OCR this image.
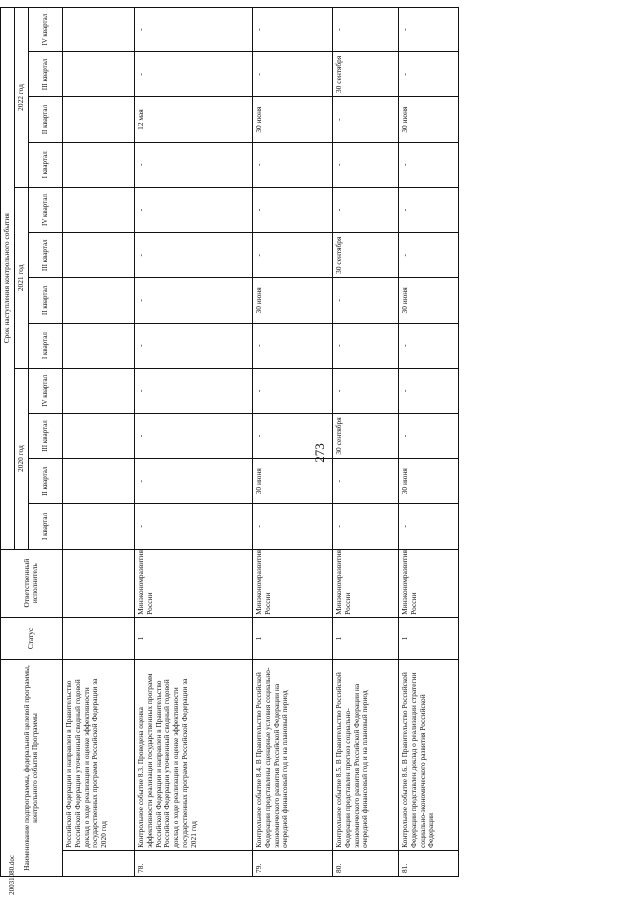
273
20031080.doc
Наименование подпрограммы, федеральной целевой программы, контрольного события Программы		Статус	Ответственный исполнитель	Срок наступления контрольного события											
				2020 год				2021 год				2022 год			
				I квартал	II квартал	III квартал	IV квартал	I квартал	II квартал	III квартал	IV квартал	I квартал	II квартал	III квартал	IV квартал
	Российской Федерации и направлен в Правительство Российской Федерации уточненный сводный годовой доклад о ходе реализации и оценке эффективности государственных программ Российской Федерации за 2020 год														
78.	Контрольное событие 8.3. Проведена оценка эффективности реализации государственных программ Российской Федерации и направлен в Правительство Российской Федерации уточненный сводный годовой доклад о ходе реализации и оценке эффективности государственных программ Российской Федерации за 2021 год	1	Минэкономразвития России	-	-	-	-	-	-	-	-	-	12 мая	-	-
79.	Контрольное событие 8.4. В Правительство Российской Федерации представлены сценарные условия социально-экономического развития Российской Федерации на очередной финансовый год и на плановый период	1	Минэкономразвития России	-	30 июня	-	-	-	30 июня	-	-	-	30 июня	-	-
80.	Контрольное событие 8.5. В Правительство Российской Федерации представлен прогноз социально-экономического развития Российской Федерации на очередной финансовый год и на плановый период	1	Минэкономразвития России	-	-	30 сентября	-	-	-	30 сентября	-	-	-	30 сентября	-
81.	Контрольное событие 8.6. В Правительство Российской Федерации представлен доклад о реализации стратегии социально-экономического развития Российской Федерации	1	Минэкономразвития России	-	30 июня	-	-	-	30 июня	-	-	-	30 июня	-	-
